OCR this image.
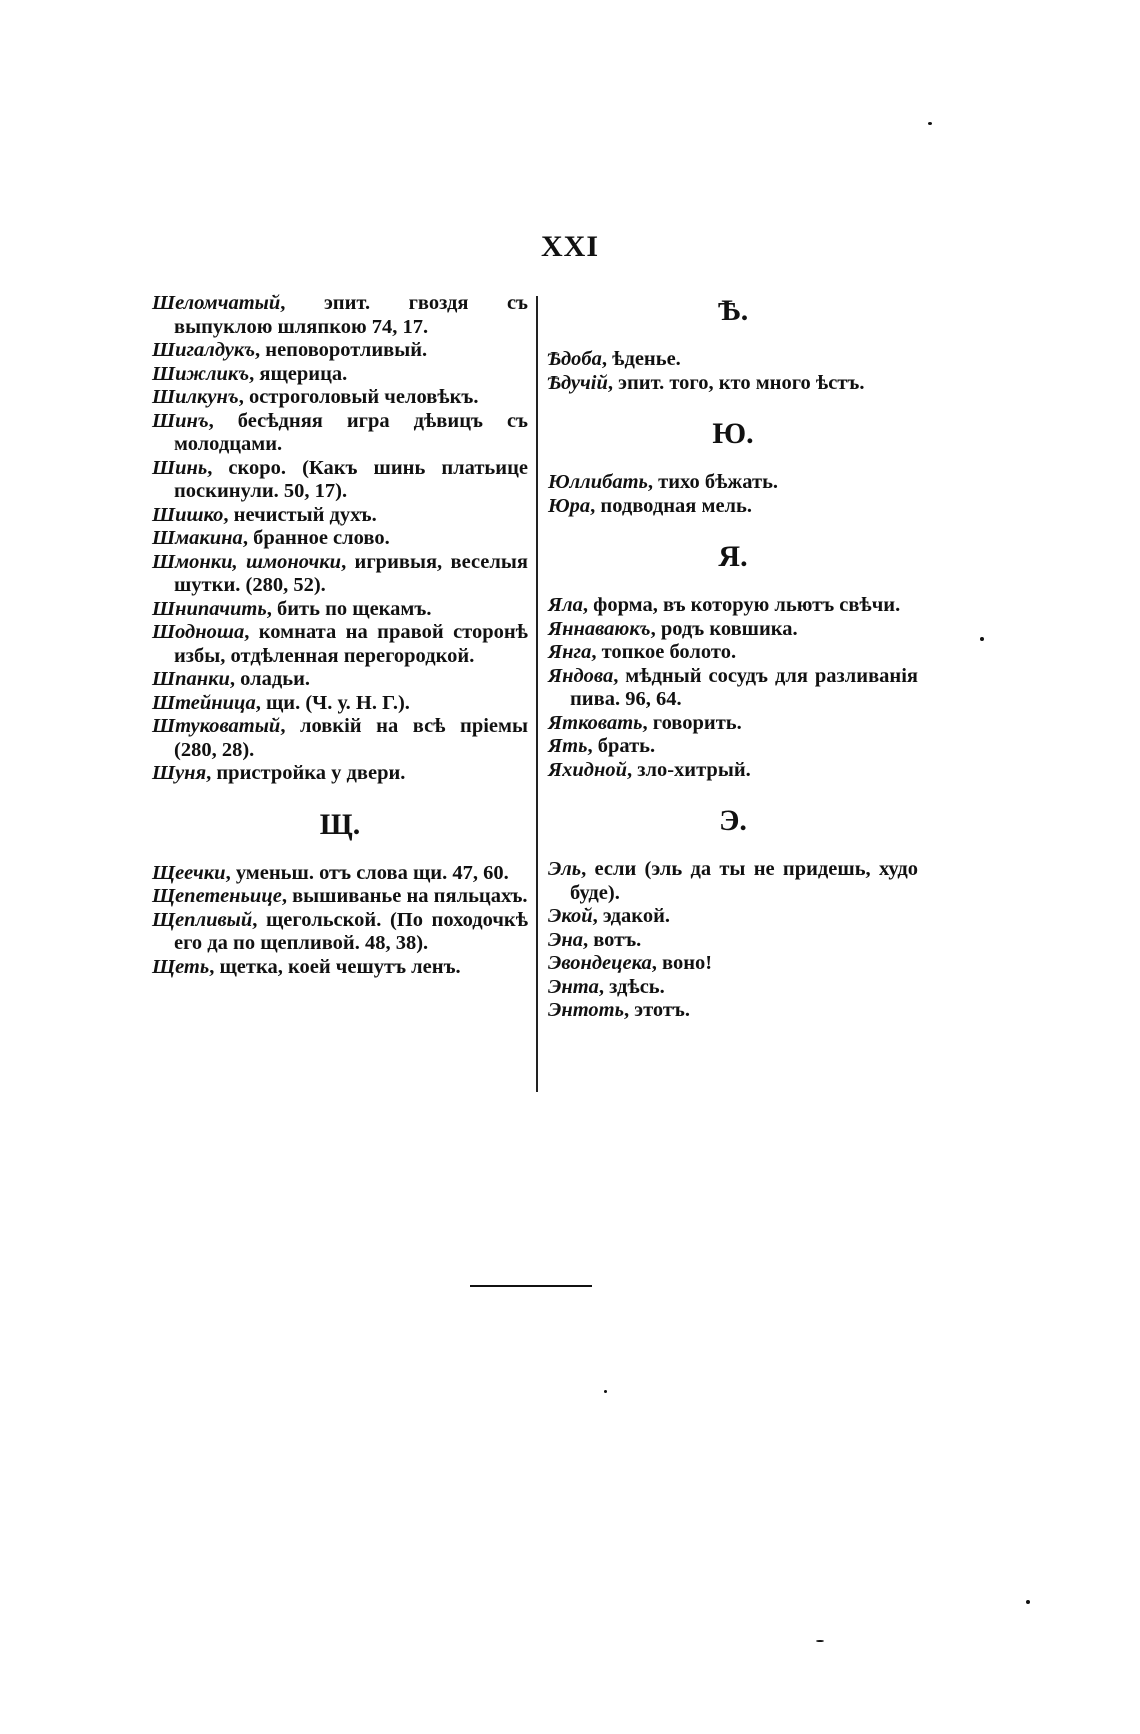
XXI
Шеломчатый, эпит. гвоздя съ выпуклою шляпкою 74, 17.
Шигалдукъ, неповоротливый.
Шижликъ, ящерица.
Шилкунъ, остроголовый человѣкъ.
Шинъ, бесѣдняя игра дѣвицъ съ молодцами.
Шинь, скоро. (Какъ шинь платьице поскинули. 50, 17).
Шишко, нечистый духъ.
Шмакина, бранное слово.
Шмонки, шмоночки, игривыя, веселыя шутки. (280, 52).
Шнипачить, бить по щекамъ.
Шодноша, комната на правой сторонѣ избы, отдѣленная перегородкой.
Шпанки, оладьи.
Штейница, щи. (Ч. у. Н. Г.).
Штуковатый, ловкій на всѣ пріемы (280, 28).
Шуня, пристройка у двери.
Щ.
Щеечки, уменьш. отъ слова щи. 47, 60.
Щепетеньице, вышиванье на пяльцахъ.
Щепливый, щегольской. (По походочкѣ его да по щепливой. 48, 38).
Щеть, щетка, коей чешутъ ленъ.
Ѣ.
Ѣдоба, ѣденье.
Ѣдучій, эпит. того, кто много ѣстъ.
Ю.
Юллибать, тихо бѣжать.
Юра, подводная мель.
Я.
Яла, форма, въ которую льютъ свѣчи.
Яннаваюкъ, родъ ковшика.
Янга, топкое болото.
Яндова, мѣдный сосудъ для разливанія пива. 96, 64.
Ятковать, говорить.
Ять, брать.
Яхидной, зло-хитрый.
Э.
Эль, если (эль да ты не придешь, худо буде).
Экой, эдакой.
Эна, вотъ.
Эвондецека, воно!
Энта, здѣсь.
Энтоть, этотъ.
